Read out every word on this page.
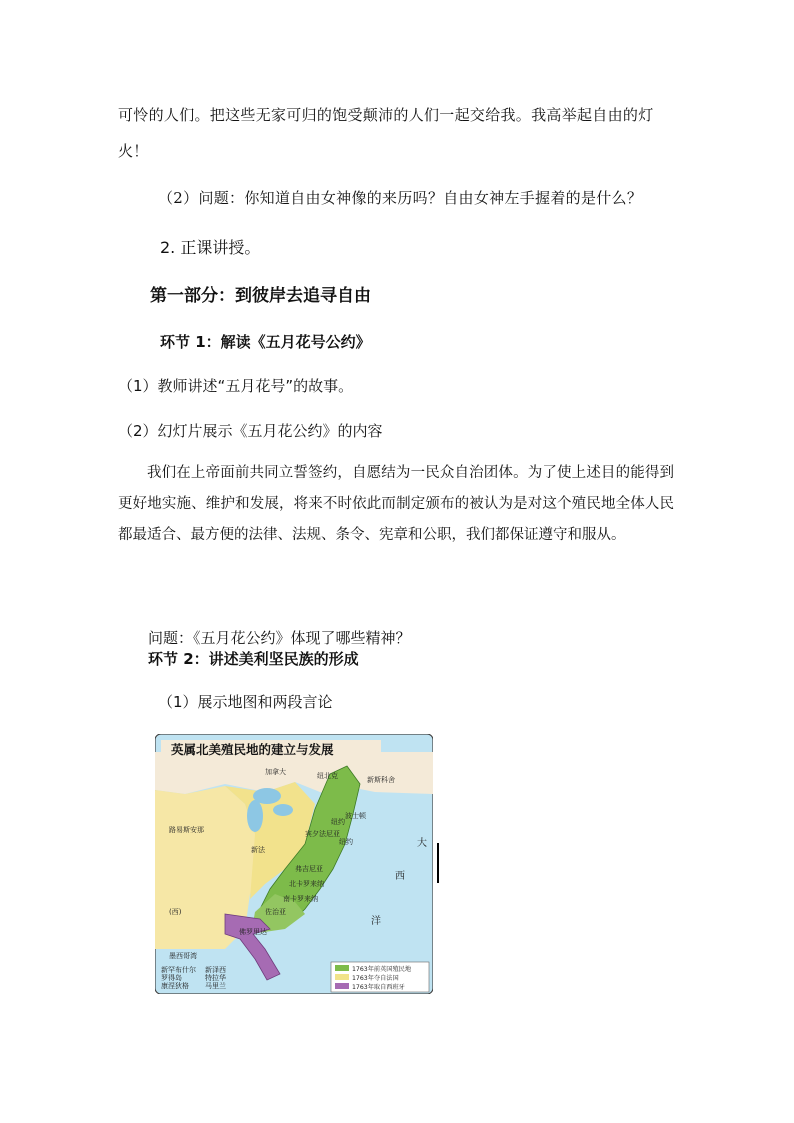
可怜的人们。把这些无家可归的饱受颠沛的人们一起交给我。我高举起自由的灯
火！
（2）问题：你知道自由女神像的来历吗？自由女神左手握着的是什么？
2. 正课讲授。
第一部分：到彼岸去追寻自由
环节 1：解读《五月花号公约》
（1）教师讲述“五月花号”的故事。
（2）幻灯片展示《五月花公约》的内容
我们在上帝面前共同立誓签约，自愿结为一民众自治团体。为了使上述目的能得到更好地实施、维护和发展，将来不时依此而制定颁布的被认为是对这个殖民地全体人民都最适合、最方便的法律、法规、条令、宪章和公职，我们都保证遵守和服从。
问题：《五月花公约》体现了哪些精神？
环节 2：讲述美利坚民族的形成
（1）展示地图和两段言论
英属北美殖民地的建立与发展
加拿大	纽北克	新斯科舍
路易斯安那
(西)
新法
纽约
波士顿
宾夕法尼亚
纽约
弗吉尼亚
北卡罗来纳
南卡罗来纳
佐治亚
佛罗里达
大
西
洋
墨西哥湾
新罕布什尔
罗得岛
康涅狄格
新泽西
特拉华
马里兰
1763年前英国殖民地
1763年夺自法国
1763年取自西班牙
